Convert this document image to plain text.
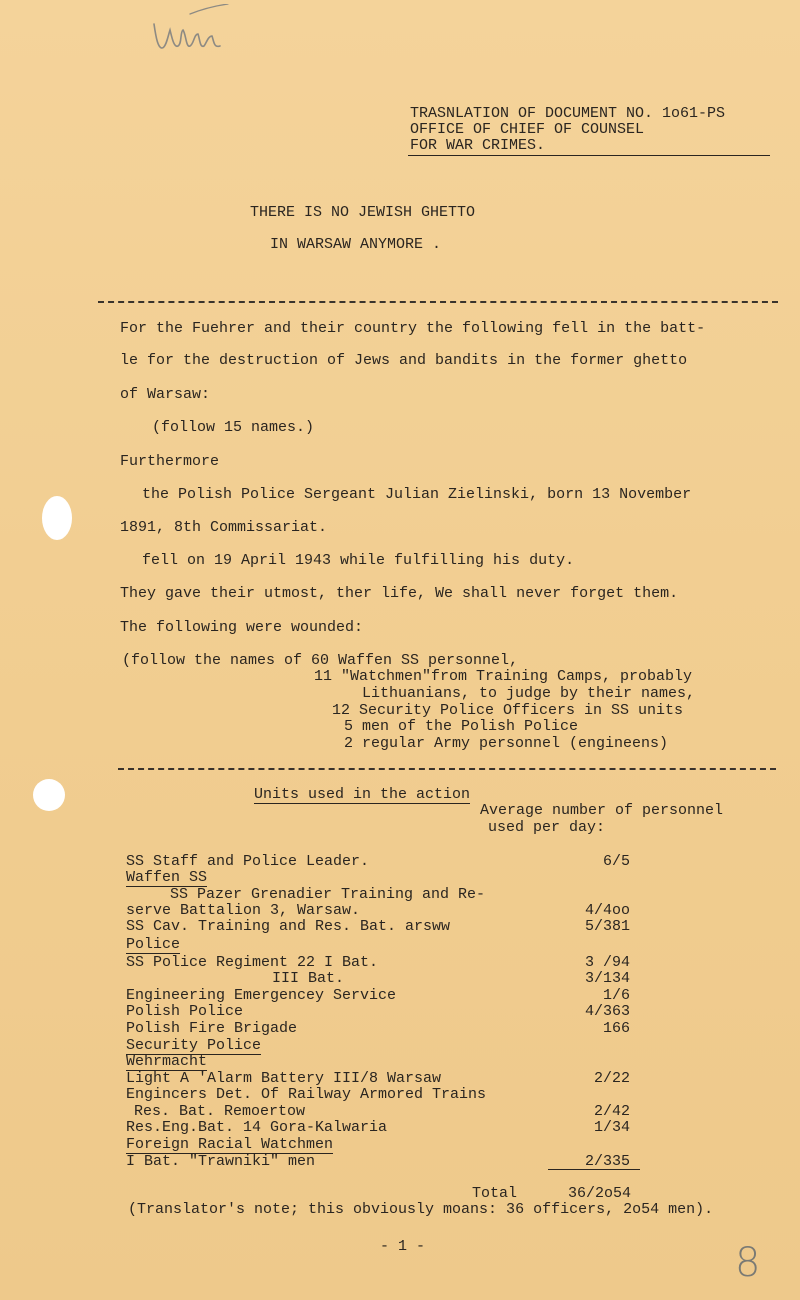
TRASNLATION OF DOCUMENT NO. 1o61-PS
OFFICE OF CHIEF OF COUNSEL
FOR WAR CRIMES.
THERE IS NO JEWISH GHETTO
IN WARSAW ANYMORE .
For the Fuehrer and their country the following fell in the batt-
le for the destruction of Jews and bandits in the former ghetto
of Warsaw:
(follow 15 names.)
Furthermore
the Polish Police Sergeant Julian Zielinski, born 13 November
1891, 8th Commissariat.
fell on 19 April 1943 while fulfilling his duty.
They gave their utmost, ther life, We shall never forget them.
The following were wounded:
(follow the names of 60 Waffen SS personnel,
11 "Watchmen"from Training Camps, probably
Lithuanians, to judge by their names,
12 Security Police Officers in SS units
5 men of the Polish Police
2 regular Army personnel (engineens)
Units used in the action
Average number of personnel
used per day:
SS Staff and Police Leader.	6/5
Waffen SS
SS Pazer Grenadier Training and Re-
serve Battalion 3, Warsaw.	4/4oo
SS Cav. Training and Res. Bat. arsww	5/381
Police
SS Police Regiment 22 I Bat.	3 /94
III Bat.	3/134
Engineering Emergencey Service	1/6
Polish Police	4/363
Polish Fire Brigade	166
Security Police
Wehrmacht
Light A 'Alarm Battery III/8 Warsaw	2/22
Engincers Det. Of Railway Armored Trains
Res. Bat. Remoertow	2/42
Res.Eng.Bat. 14 Gora-Kalwaria	1/34
Foreign Racial Watchmen
I Bat. "Trawniki" men	2/335
Total	36/2o54
(Translator's note; this obviously moans: 36 officers, 2o54 men).
- 1 -	8
